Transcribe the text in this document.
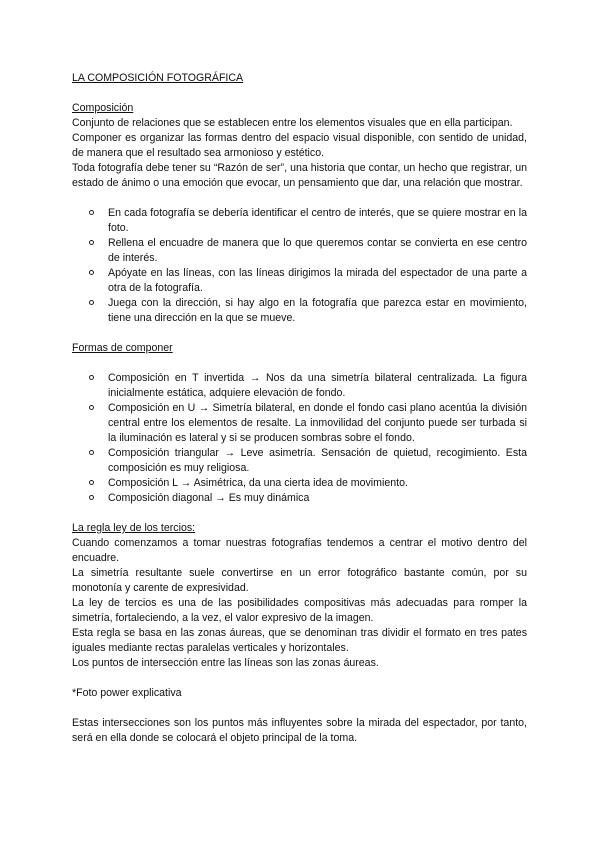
LA COMPOSICIÓN FOTOGRÁFICA
Composición

Conjunto de relaciones que se establecen entre los elementos visuales que en ella participan.

Componer es organizar las formas dentro del espacio visual disponible, con sentido de unidad, de manera que el resultado sea armonioso y estético.

Toda fotografía debe tener su “Razón de ser”, una historia que contar, un hecho que registrar, un estado de ánimo o una emoción que evocar, un pensamiento que dar, una relación que mostrar.

En cada fotografía se debería identificar el centro de interés, que se quiere mostrar en la foto.
Rellena el encuadre de manera que lo que queremos contar se convierta en ese centro de interés.
Apóyate en las líneas, con las líneas dirigimos la mirada del espectador de una parte a otra de la fotografía.
Juega con la dirección, si hay algo en la fotografía que parezca estar en movimiento, tiene una dirección en la que se mueve.
Formas de componer
Composición en T invertida → Nos da una simetría bilateral centralizada. La figura inicialmente estática, adquiere elevación de fondo.
Composición en U → Simetría bilateral, en donde el fondo casi plano acentúa la división central entre los elementos de resalte. La inmovilidad del conjunto puede ser turbada si la iluminación es lateral y si se producen sombras sobre el fondo.
Composición triangular → Leve asimetría. Sensación de quietud, recogimiento. Esta composición es muy religiosa.
Composición L → Asimétrica, da una cierta idea de movimiento.
Composición diagonal → Es muy dinámica
La regla ley de los tercios:

Cuando comenzamos a tomar nuestras fotografías tendemos a centrar el motivo dentro del encuadre.

La simetría resultante suele convertirse en un error fotográfico bastante común, por su monotonía y carente de expresividad.

La ley de tercios es una de las posibilidades compositivas más adecuadas para romper la simetría, fortaleciendo, a la vez, el valor expresivo de la imagen.

Esta regla se basa en las zonas áureas, que se denominan tras dividir el formato en tres pates iguales mediante rectas paralelas verticales y horizontales.

Los puntos de intersección entre las líneas son las zonas áureas.

*Foto power explicativa

Estas intersecciones son los puntos más influyentes sobre la mirada del espectador, por tanto, será en ella donde se colocará el objeto principal de la toma.
